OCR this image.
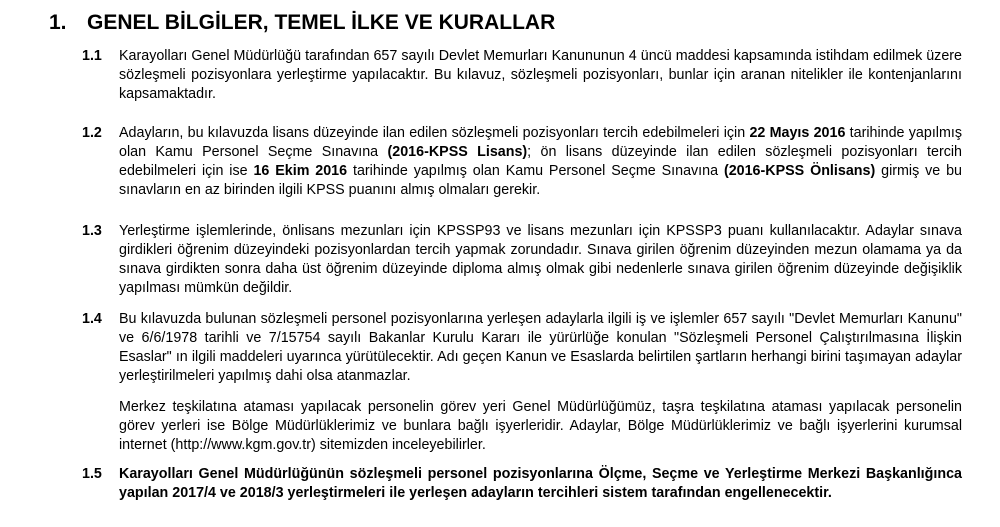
1. GENEL BİLGİLER, TEMEL İLKE VE KURALLAR
1.1 Karayolları Genel Müdürlüğü tarafından 657 sayılı Devlet Memurları Kanununun 4 üncü maddesi kapsamında istihdam edilmek üzere sözleşmeli pozisyonlara yerleştirme yapılacaktır. Bu kılavuz, sözleşmeli pozisyonları, bunlar için aranan nitelikler ile kontenjanlarını kapsamaktadır.
1.2 Adayların, bu kılavuzda lisans düzeyinde ilan edilen sözleşmeli pozisyonları tercih edebilmeleri için 22 Mayıs 2016 tarihinde yapılmış olan Kamu Personel Seçme Sınavına (2016-KPSS Lisans); ön lisans düzeyinde ilan edilen sözleşmeli pozisyonları tercih edebilmeleri için ise 16 Ekim 2016 tarihinde yapılmış olan Kamu Personel Seçme Sınavına (2016-KPSS Önlisans) girmiş ve bu sınavların en az birinden ilgili KPSS puanını almış olmaları gerekir.
1.3 Yerleştirme işlemlerinde, önlisans mezunları için KPSSP93 ve lisans mezunları için KPSSP3 puanı kullanılacaktır. Adaylar sınava girdikleri öğrenim düzeyindeki pozisyonlardan tercih yapmak zorundadır. Sınava girilen öğrenim düzeyinden mezun olamama ya da sınava girdikten sonra daha üst öğrenim düzeyinde diploma almış olmak gibi nedenlerle sınava girilen öğrenim düzeyinde değişiklik yapılması mümkün değildir.
1.4 Bu kılavuzda bulunan sözleşmeli personel pozisyonlarına yerleşen adaylarla ilgili iş ve işlemler 657 sayılı "Devlet Memurları Kanunu" ve 6/6/1978 tarihli ve 7/15754 sayılı Bakanlar Kurulu Kararı ile yürürlüğe konulan "Sözleşmeli Personel Çalıştırılmasına İlişkin Esaslar" ın ilgili maddeleri uyarınca yürütülecektir. Adı geçen Kanun ve Esaslarda belirtilen şartların herhangi birini taşımayan adaylar yerleştirilmeleri yapılmış dahi olsa atanmazlar.
Merkez teşkilatına ataması yapılacak personelin görev yeri Genel Müdürlüğümüz, taşra teşkilatına ataması yapılacak personelin görev yerleri ise Bölge Müdürlüklerimiz ve bunlara bağlı işyerleridir. Adaylar, Bölge Müdürlüklerimiz ve bağlı işyerlerini kurumsal internet (http://www.kgm.gov.tr) sitemizden inceleyebilirler.
1.5 Karayolları Genel Müdürlüğünün sözleşmeli personel pozisyonlarına Ölçme, Seçme ve Yerleştirme Merkezi Başkanlığınca yapılan 2017/4 ve 2018/3 yerleştirmeleri ile yerleşen adayların tercihleri sistem tarafından engellenecektir.
